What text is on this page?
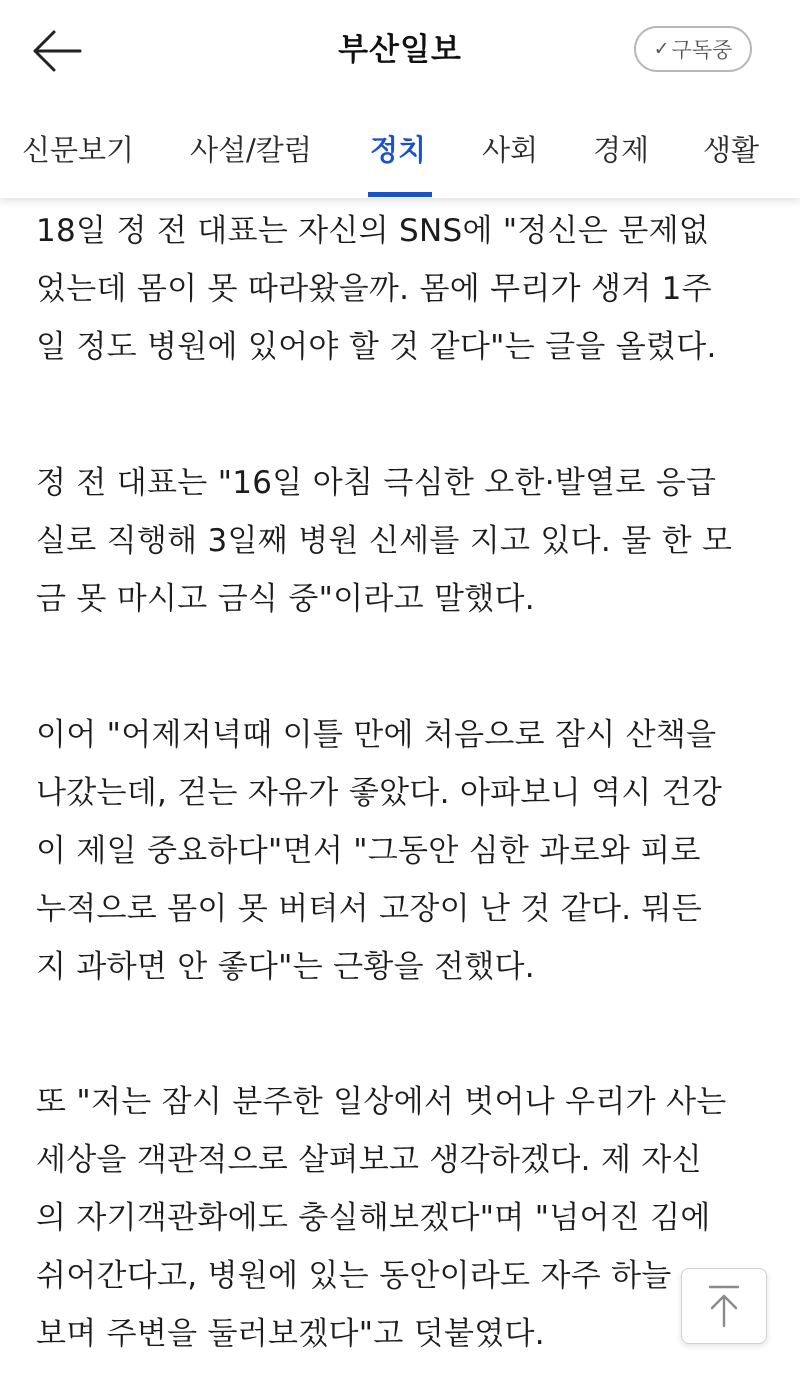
부산일보	✓ 구독중
신문보기 사설/칼럼 정치 사회 경제 생활
18일 정 전 대표는 자신의 SNS에 "정신은 문제없
었는데 몸이 못 따라왔을까. 몸에 무리가 생겨 1주
일 정도 병원에 있어야 할 것 같다"는 글을 올렸다.
정 전 대표는 "16일 아침 극심한 오한·발열로 응급
실로 직행해 3일째 병원 신세를 지고 있다. 물 한 모
금 못 마시고 금식 중"이라고 말했다.
이어 "어제저녁때 이틀 만에 처음으로 잠시 산책을
나갔는데, 걷는 자유가 좋았다. 아파보니 역시 건강
이 제일 중요하다"면서 "그동안 심한 과로와 피로
누적으로 몸이 못 버텨서 고장이 난 것 같다. 뭐든
지 과하면 안 좋다"는 근황을 전했다.
또 "저는 잠시 분주한 일상에서 벗어나 우리가 사는
세상을 객관적으로 살펴보고 생각하겠다. 제 자신
의 자기객관화에도 충실해보겠다"며 "넘어진 김에
쉬어간다고, 병원에 있는 동안이라도 자주 하늘
보며 주변을 둘러보겠다"고 덧붙였다.
